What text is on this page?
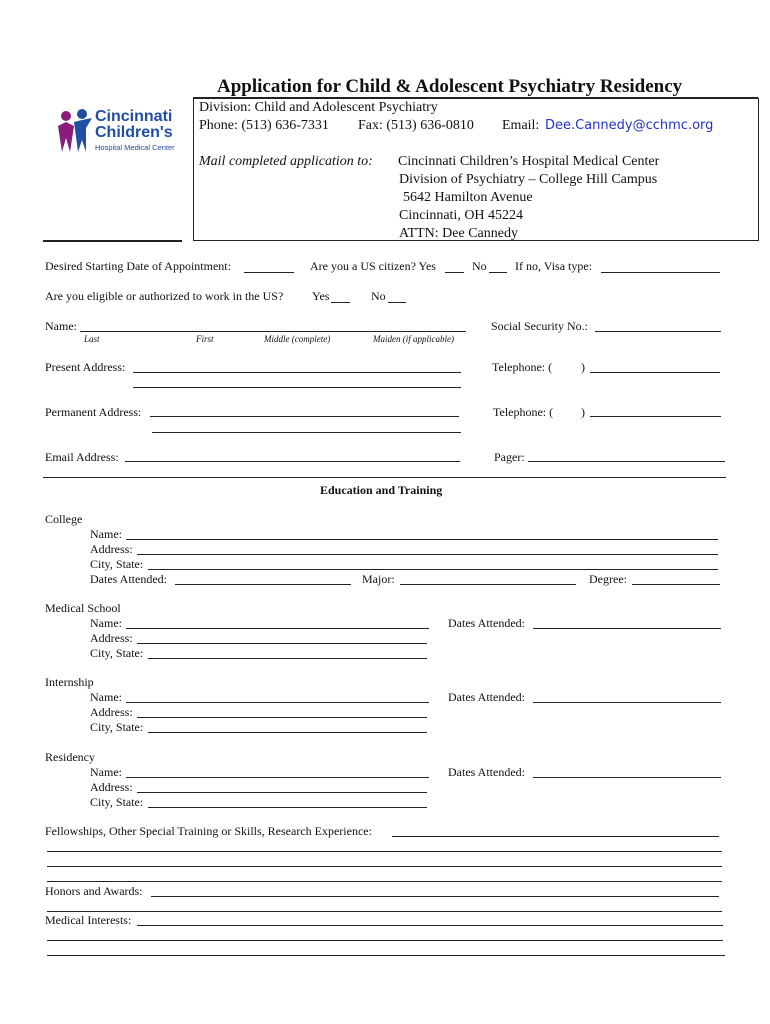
Application for Child & Adolescent Psychiatry Residency
Cincinnati
Children's
Hospital Medical Center
Division: Child and Adolescent Psychiatry
Phone: (513) 636-7331 Fax: (513) 636-0810 Email: Dee.Cannedy@cchmc.org
Mail completed application to: Cincinnati Children’s Hospital Medical Center
Division of Psychiatry – College Hill Campus
5642 Hamilton Avenue
Cincinnati, OH 45224
ATTN: Dee Cannedy
Desired Starting Date of Appointment:	Are you a US citizen? Yes	No If no, Visa type:
Are you eligible or authorized to work in the US? Yes	No
Name:
Last	First	Middle (complete)	Maiden (if applicable)
Social Security No.:
Present Address:	Telephone: ( )
Permanent Address:	Telephone: ( )
Email Address:	Pager:
Education and Training
College
Name:
Address:
City, State:
Dates Attended:	Major:	Degree:
Medical School
Name:	Dates Attended:
Address:
City, State:
Internship
Name:	Dates Attended:
Address:
City, State:
Residency
Name:	Dates Attended:
Address:
City, State:
Fellowships, Other Special Training or Skills, Research Experience:
Honors and Awards:
Medical Interests:
